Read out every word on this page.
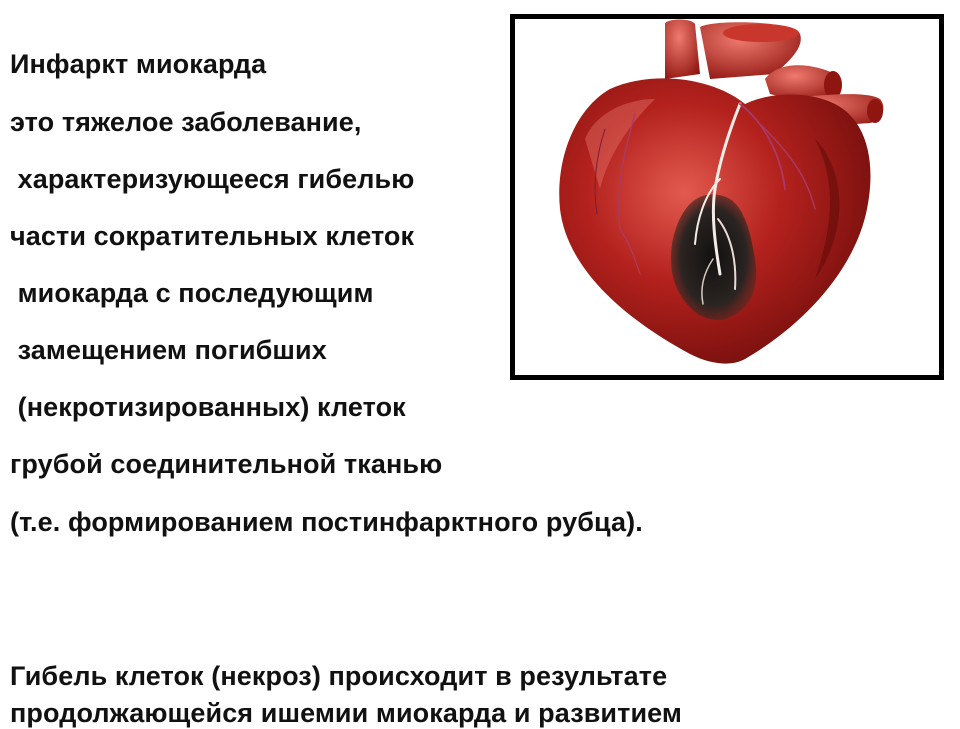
Инфаркт миокарда
это тяжелое заболевание,
характеризующееся гибелью
части сократительных клеток
миокарда с последующим
замещением погибших
(некротизированных) клеток
грубой соединительной тканью
(т.е. формированием постинфарктного рубца).
Гибель клеток (некроз) происходит в результате
продолжающейся ишемии миокарда и развитием
